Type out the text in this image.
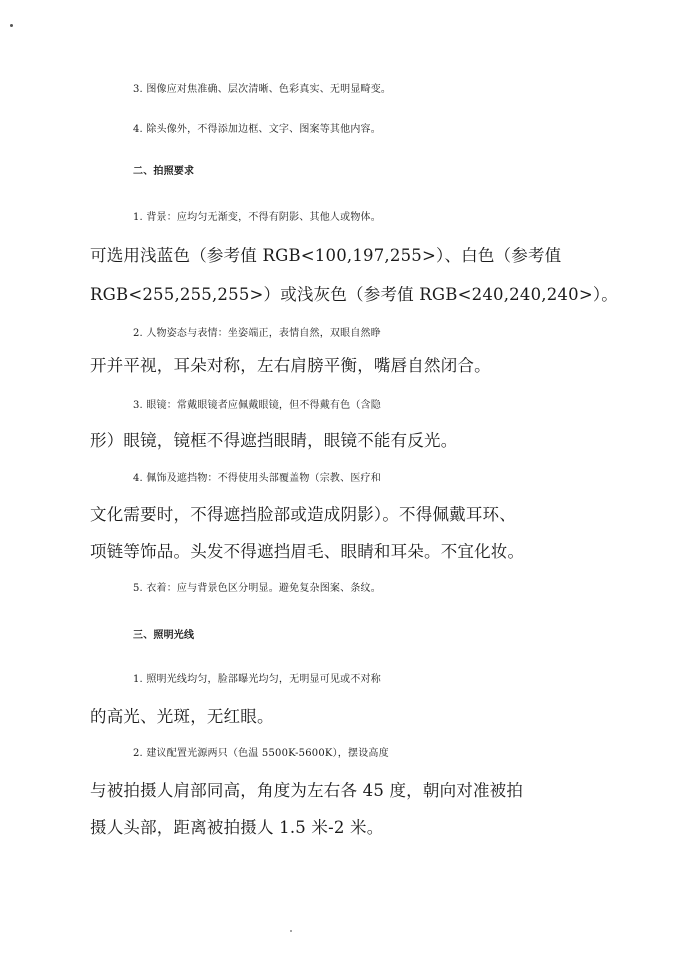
3. 图像应对焦准确、层次清晰、色彩真实、无明显畸变。
4. 除头像外，不得添加边框、文字、图案等其他内容。
二、拍照要求
1. 背景：应均匀无渐变，不得有阴影、其他人或物体。
可选用浅蓝色（参考值 RGB<100,197,255>）、白色（参考值
RGB<255,255,255>）或浅灰色（参考值 RGB<240,240,240>）。
2. 人物姿态与表情：坐姿端正，表情自然，双眼自然睁
开并平视，耳朵对称，左右肩膀平衡，嘴唇自然闭合。
3. 眼镜：常戴眼镜者应佩戴眼镜，但不得戴有色（含隐
形）眼镜，镜框不得遮挡眼睛，眼镜不能有反光。
4. 佩饰及遮挡物：不得使用头部覆盖物（宗教、医疗和
文化需要时，不得遮挡脸部或造成阴影）。不得佩戴耳环、
项链等饰品。头发不得遮挡眉毛、眼睛和耳朵。不宜化妆。
5. 衣着：应与背景色区分明显。避免复杂图案、条纹。
三、照明光线
1. 照明光线均匀，脸部曝光均匀，无明显可见或不对称
的高光、光斑，无红眼。
2. 建议配置光源两只（色温 5500K-5600K），摆设高度
与被拍摄人肩部同高，角度为左右各 45 度，朝向对准被拍
摄人头部，距离被拍摄人 1.5 米-2 米。
